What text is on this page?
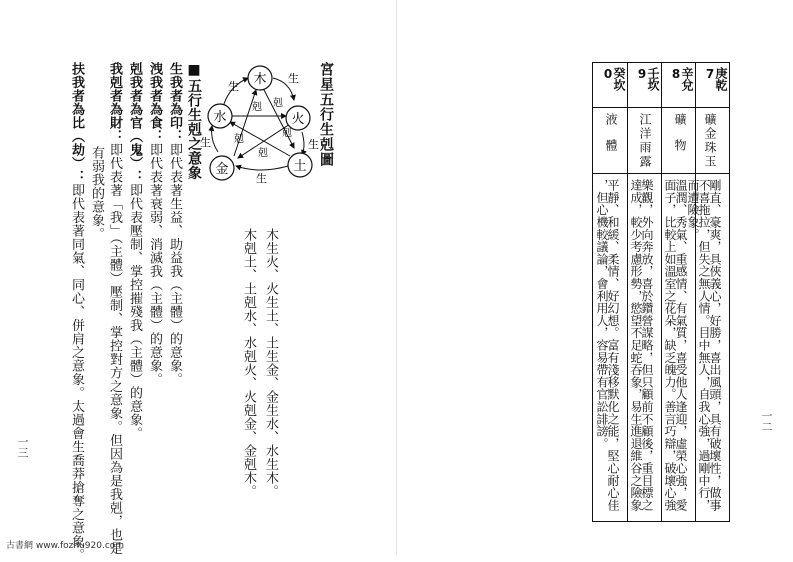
7
庚乾
礦金珠玉
剛直、豪爽，具俠義心，好勝，喜出風頭，具有破壞性，做事
不喜拖拉，但失之無人情。目中無人，自我心強，過剛中行，
而遭險象。
8
辛兌
礦物
溫潤、秀氣、重感情、有氣質，喜受他人逢迎，虛榮心強，愛
面子，比較上如溫室之花朵，缺乏魄力。善言巧辯，破壞心強
9
壬坎
江洋雨露
樂觀，外向奔放，喜於鑽營謀略，但只顧前不顧後，重目標之
達成，較少考慮形勢，慾望不足蛇吞象，易生進退維谷之險象
0
癸坎
液體
平靜、和緩、柔情、好幻想。富有淺移默化之能，堅心耐心佳
，但心機較議論，會利用人，容易帶有官訟誹謗。	一二
宮星五行生剋圖
木
火
土
金
水
生
生
生
生
生
剋 剋
剋
剋
剋
木生火、火生土、土生金、金生水、水生木。
木剋土、土剋水、水剋火、火剋金、金剋木。
■五行生剋之意象
生我者為印：即代表著生益、助益我（主體）的意象。
洩我者為食：即代表著衰弱、消滅我（主體）的意象。
剋我者為官（鬼）：即代表壓制、掌控摧殘我（主體）的意象。
我剋者為財：即代表著「我」（主體）壓制、掌控對方之意象。但因為是我剋，也是
有弱我的意象。
扶我者為比（劫）：即代表著同氣、同心、併肩之意象。太過會生喬莽搶奪之意象。
一三
古書網 www.fozhu920.com
